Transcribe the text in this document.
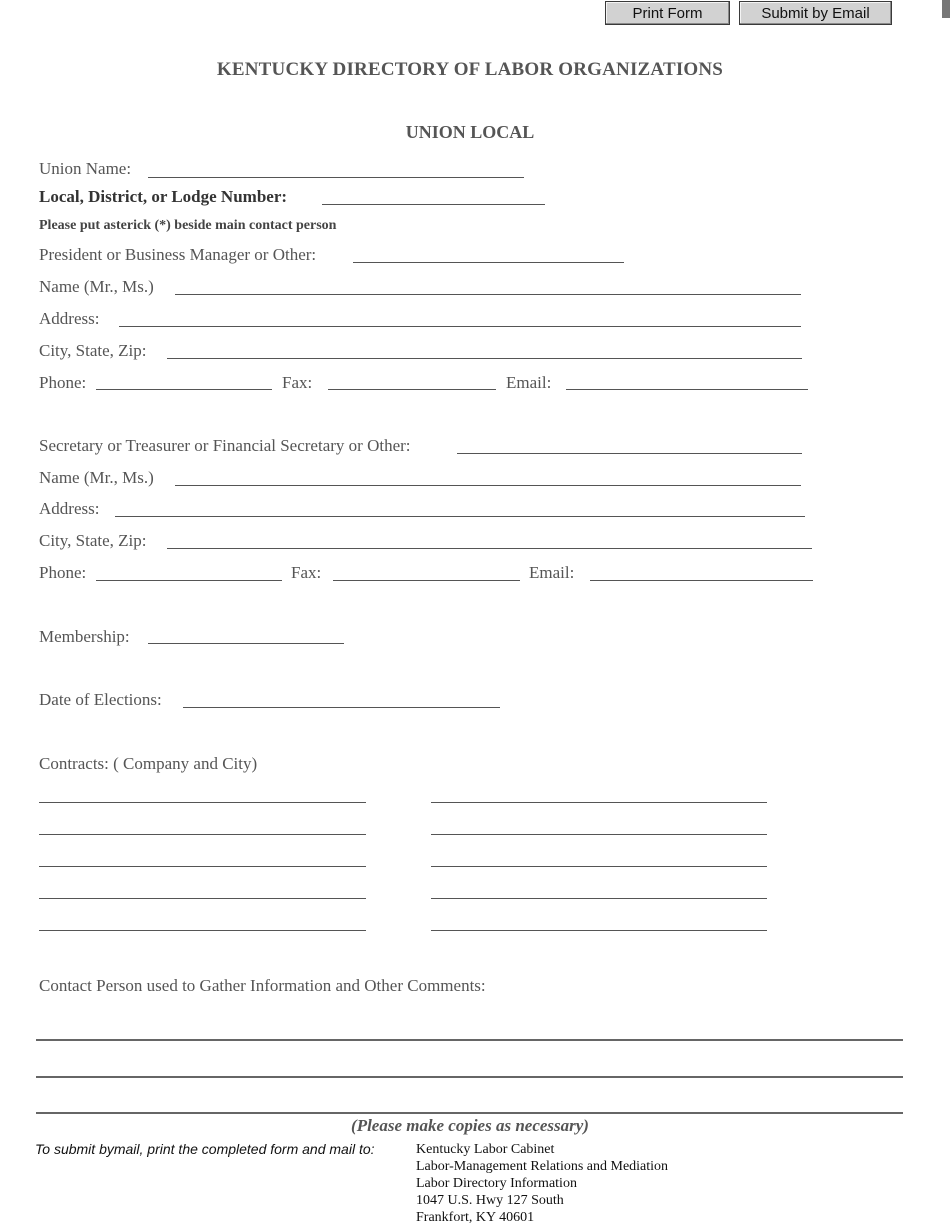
Print Form	Submit by Email
KENTUCKY DIRECTORY OF LABOR ORGANIZATIONS
UNION LOCAL
Union Name:
Local, District, or Lodge Number:
Please put asterick (*) beside main contact person
President or Business Manager or Other:
Name (Mr., Ms.)
Address:
City, State, Zip:
Phone:	Fax:	Email:
Secretary or Treasurer or Financial Secretary or Other:
Name (Mr., Ms.)
Address:
City, State, Zip:
Phone:	Fax:	Email:
Membership:
Date of Elections:
Contracts: ( Company and City)
Contact Person used to Gather Information and Other Comments:
(Please make copies as necessary)
To submit bymail, print the completed form and mail to:	Kentucky Labor Cabinet
Labor-Management Relations and Mediation
Labor Directory Information
1047 U.S. Hwy 127 South
Frankfort, KY 40601
